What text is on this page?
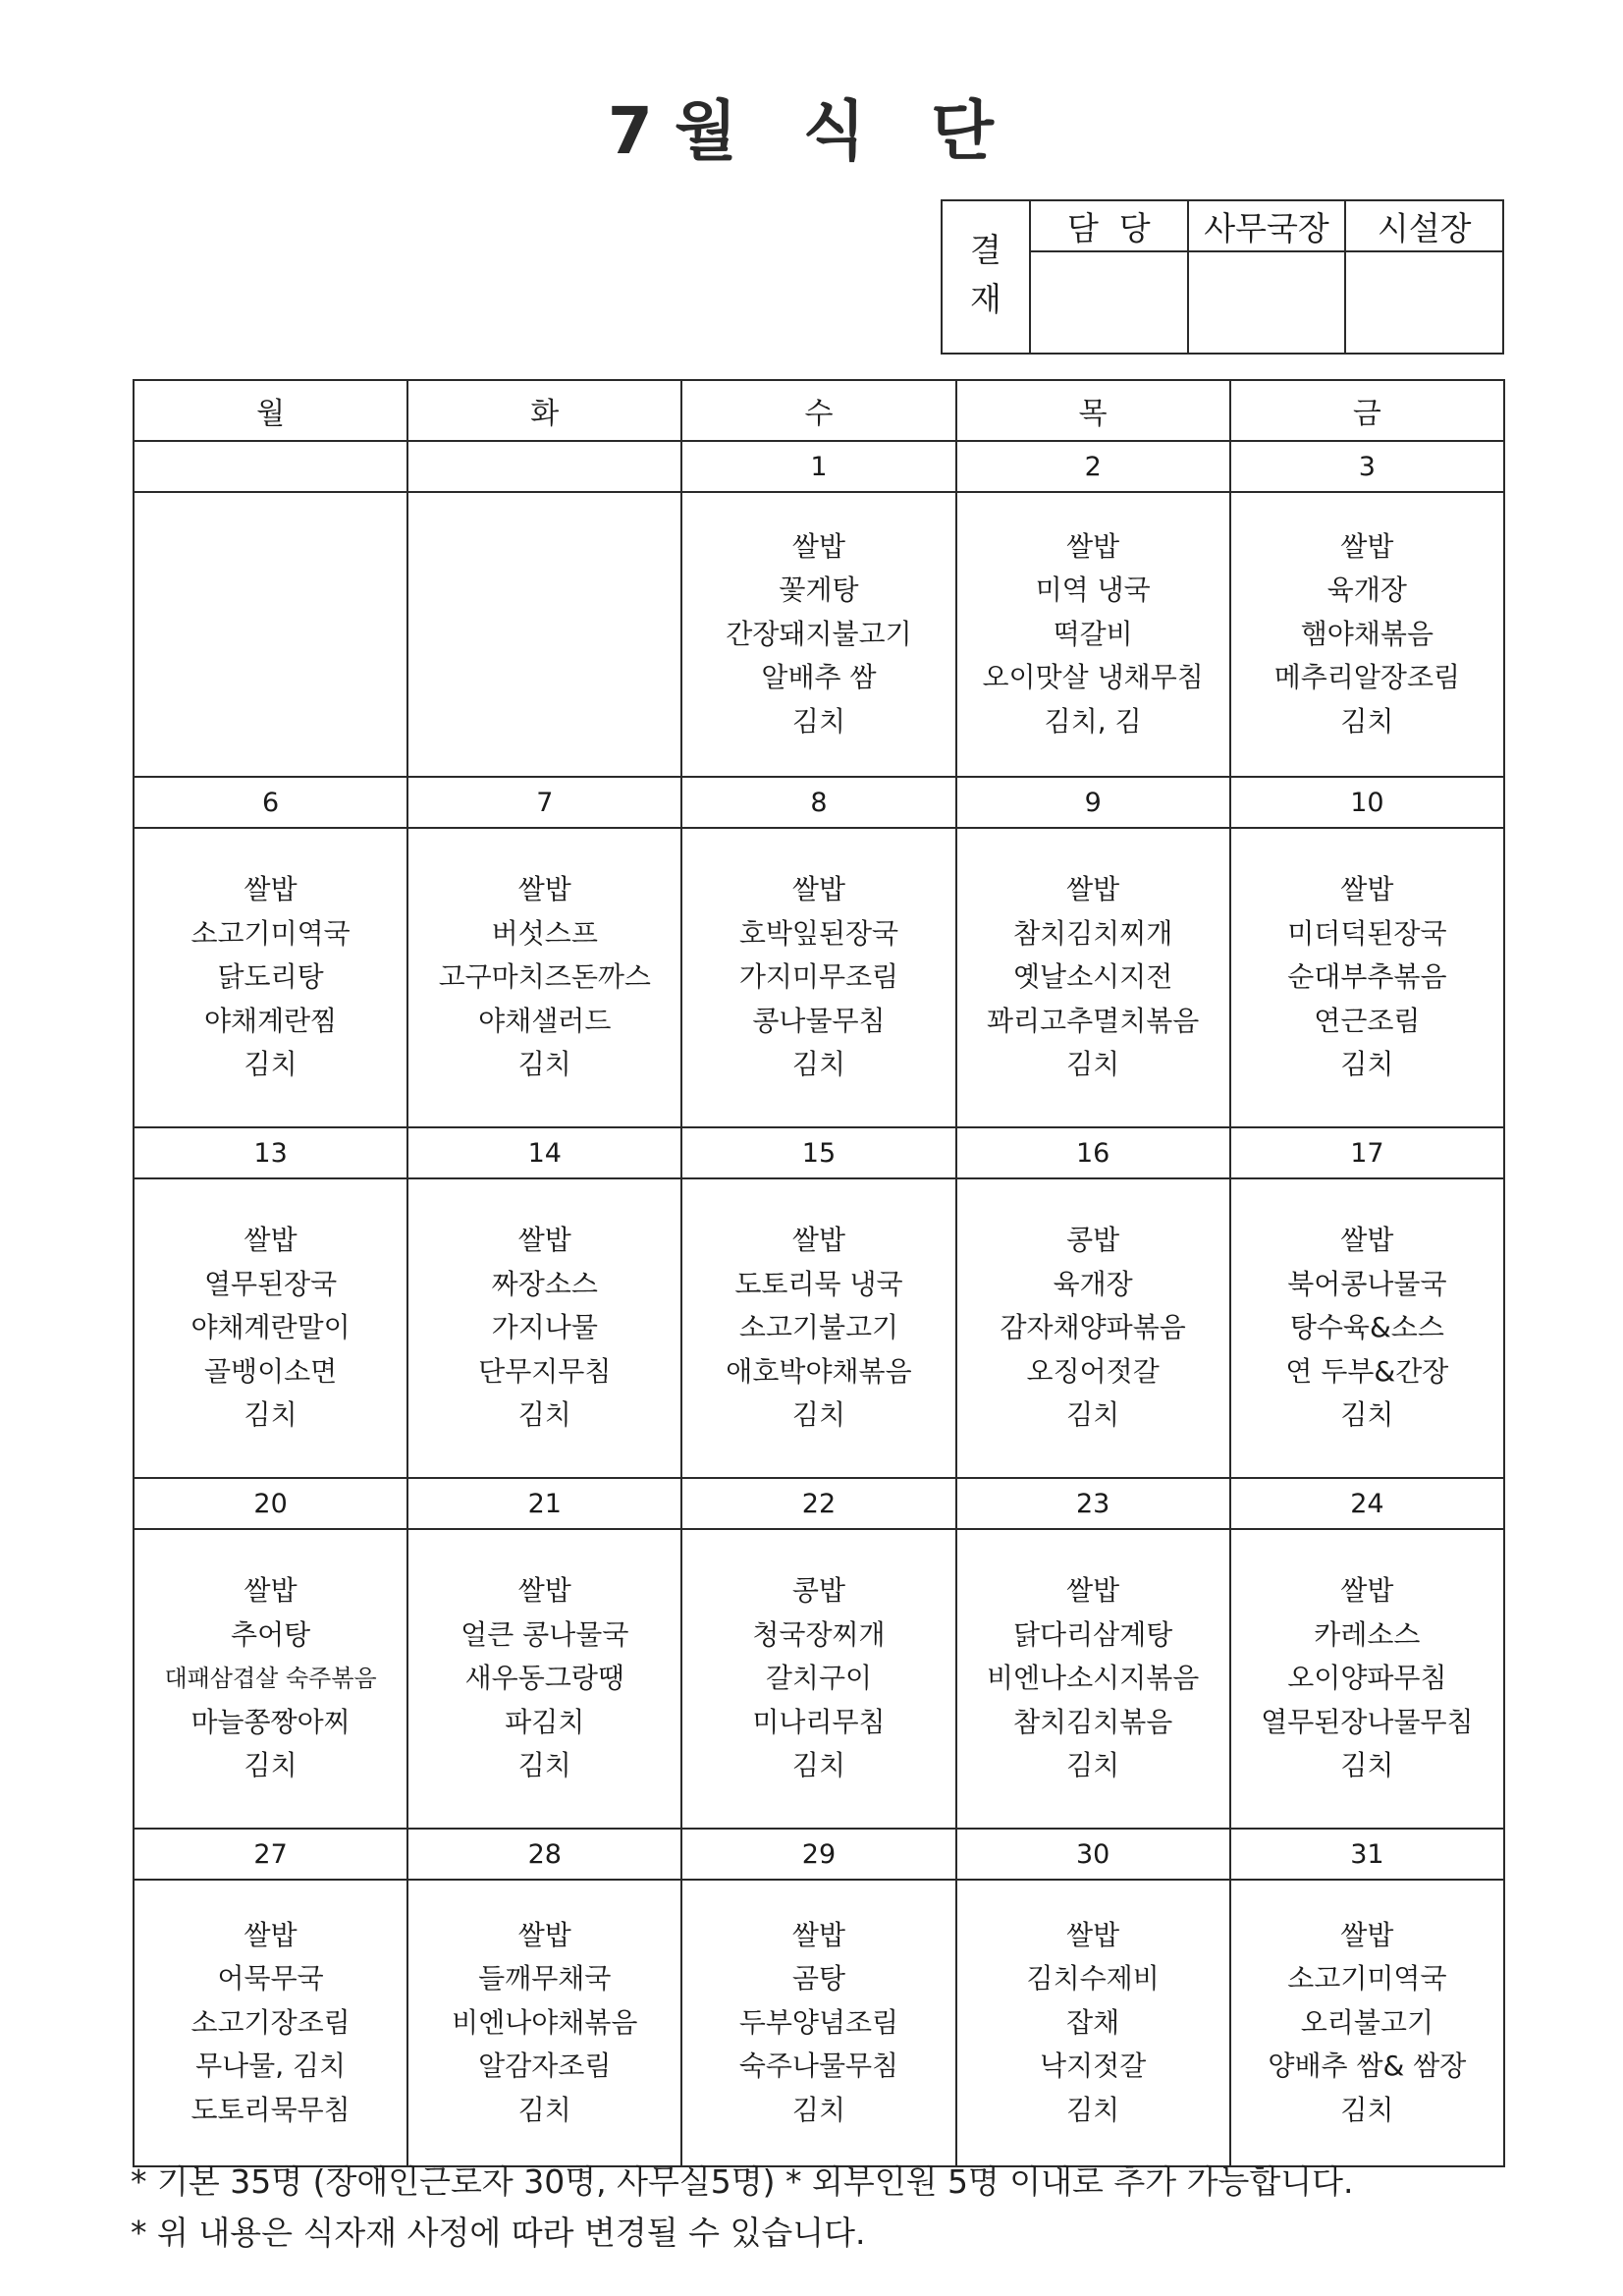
7월 식 단
결재	담  당	사무국장	시설장

월	화	수	목	금
		1	2	3

		쌀밥
꽃게탕
간장돼지불고기
알배추 쌈
김치	쌀밥
미역 냉국
떡갈비
오이맛살 냉채무침
김치, 김	쌀밥
육개장
햄야채볶음
메추리알장조림
김치

6	7	8	9	10

쌀밥
소고기미역국
닭도리탕
야채계란찜
김치	쌀밥
버섯스프
고구마치즈돈까스
야채샐러드
김치	쌀밥
호박잎된장국
가지미무조림
콩나물무침
김치	쌀밥
참치김치찌개
옛날소시지전
꽈리고추멸치볶음
김치	쌀밥
미더덕된장국
순대부추볶음
연근조림
김치

13	14	15	16	17

쌀밥
열무된장국
야채계란말이
골뱅이소면
김치	쌀밥
짜장소스
가지나물
단무지무침
김치	쌀밥
도토리묵 냉국
소고기불고기
애호박야채볶음
김치	콩밥
육개장
감자채양파볶음
오징어젓갈
김치	쌀밥
북어콩나물국
탕수육&소스
연 두부&간장
김치

20	21	22	23	24

쌀밥
추어탕
대패삼겹살 숙주볶음
마늘쫑짱아찌
김치	쌀밥
얼큰 콩나물국
새우동그랑땡
파김치
김치	콩밥
청국장찌개
갈치구이
미나리무침
김치	쌀밥
닭다리삼계탕
비엔나소시지볶음
참치김치볶음
김치	쌀밥
카레소스
오이양파무침
열무된장나물무침
김치

27	28	29	30	31

쌀밥
어묵무국
소고기장조림
무나물, 김치
도토리묵무침	쌀밥
들깨무채국
비엔나야채볶음
알감자조림
김치	쌀밥
곰탕
두부양념조림
숙주나물무침
김치	쌀밥
김치수제비
잡채
낙지젓갈
김치	쌀밥
소고기미역국
오리불고기
양배추 쌈& 쌈장
김치
* 기본 35명 (장애인근로자 30명, 사무실5명) * 외부인원 5명 이내로 추가 가능합니다.
* 위 내용은 식자재 사정에 따라 변경될 수 있습니다.
